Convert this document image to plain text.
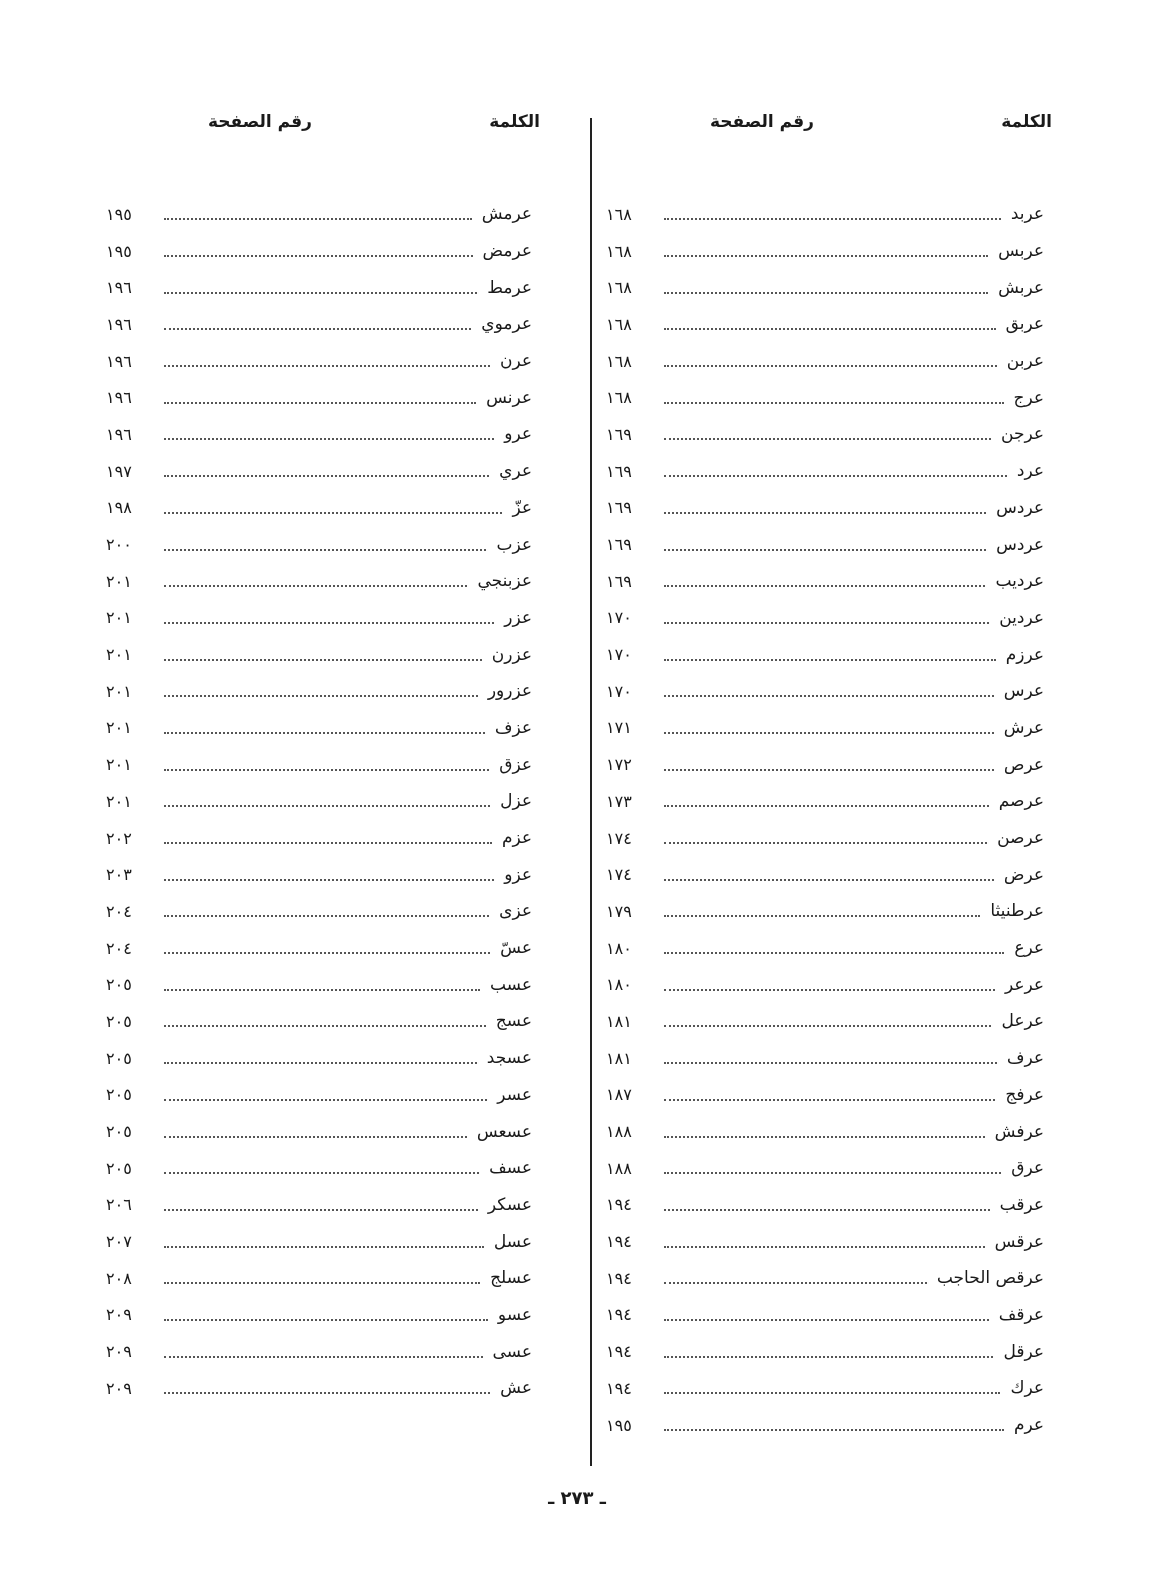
الكلمة
رقم الصفحة
عربد
١٦٨
عربس
١٦٨
عربش
١٦٨
عربق
١٦٨
عربن
١٦٨
عرج
١٦٨
عرجن
١٦٩
عرد
١٦٩
عردس
١٦٩
عردس
١٦٩
عرديب
١٦٩
عردين
١٧٠
عرزم
١٧٠
عرس
١٧٠
عرش
١٧١
عرص
١٧٢
عرصم
١٧٣
عرصن
١٧٤
عرض
١٧٤
عرطنيثا
١٧٩
عرع
١٨٠
عرعر
١٨٠
عرعل
١٨١
عرف
١٨١
عرفج
١٨٧
عرفش
١٨٨
عرق
١٨٨
عرقب
١٩٤
عرقس
١٩٤
عرقص الحاجب
١٩٤
عرقف
١٩٤
عرقل
١٩٤
عرك
١٩٤
عرم
١٩٥
الكلمة
رقم الصفحة
عرمش
١٩٥
عرمض
١٩٥
عرمط
١٩٦
عرموي
١٩٦
عرن
١٩٦
عرنس
١٩٦
عرو
١٩٦
عري
١٩٧
عزّ
١٩٨
عزب
٢٠٠
عزبنجي
٢٠١
عزر
٢٠١
عزرن
٢٠١
عزرور
٢٠١
عزف
٢٠١
عزق
٢٠١
عزل
٢٠١
عزم
٢٠٢
عزو
٢٠٣
عزى
٢٠٤
عسّ
٢٠٤
عسب
٢٠٥
عسج
٢٠٥
عسجد
٢٠٥
عسر
٢٠٥
عسعس
٢٠٥
عسف
٢٠٥
عسكر
٢٠٦
عسل
٢٠٧
عسلج
٢٠٨
عسو
٢٠٩
عسى
٢٠٩
عش
٢٠٩
ـ ٢٧٣ ـ
